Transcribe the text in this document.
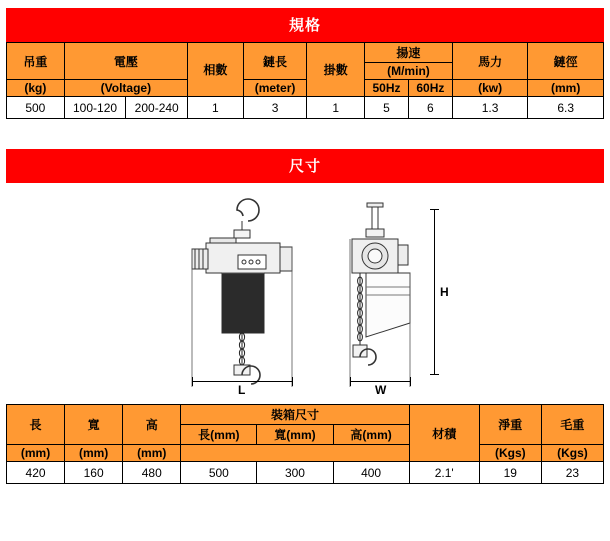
規格
吊重	電壓		相數	鏈長	掛數	揚速		馬力	鏈徑
						(M/min)			
(kg)	(Voltage)			(meter)		50Hz	60Hz	(kw)	(mm)
500	100-120	200-240	1	3	1	5	6	1.3	6.3
尺寸
L	W
H
長	寬	高	裝箱尺寸			材積	淨重	毛重
			長(mm)	寬(mm)	高(mm)			
(mm)	(mm)	(mm)					(Kgs)	(Kgs)
420	160	480	500	300	400	2.1'	19	23
